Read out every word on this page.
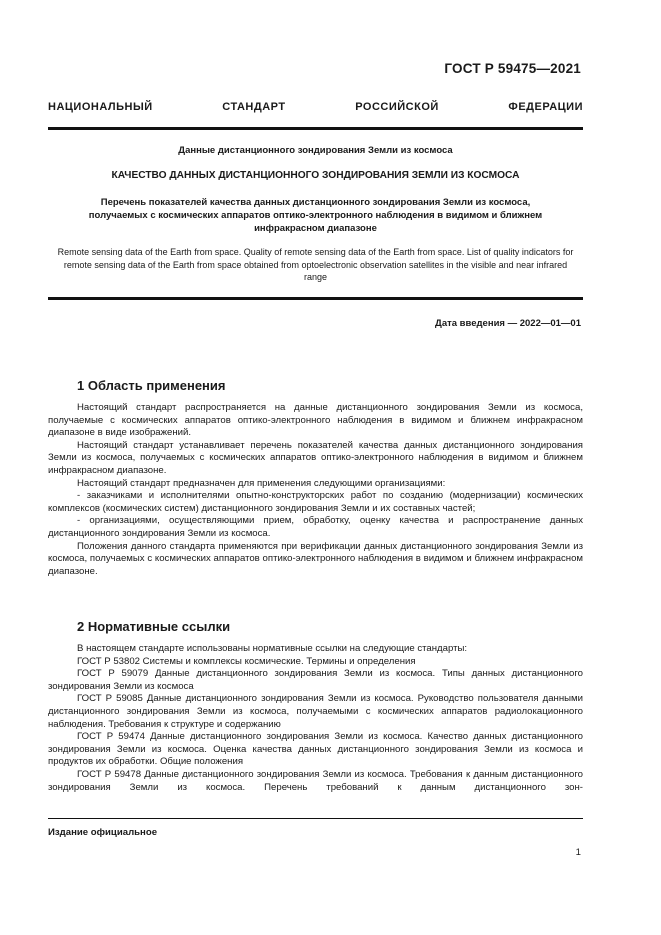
ГОСТ Р 59475—2021
НАЦИОНАЛЬНЫЙ СТАНДАРТ РОССИЙСКОЙ ФЕДЕРАЦИИ
Данные дистанционного зондирования Земли из космоса
КАЧЕСТВО ДАННЫХ ДИСТАНЦИОННОГО ЗОНДИРОВАНИЯ ЗЕМЛИ ИЗ КОСМОСА
Перечень показателей качества данных дистанционного зондирования Земли из космоса, получаемых с космических аппаратов оптико-электронного наблюдения в видимом и ближнем инфракрасном диапазоне
Remote sensing data of the Earth from space. Quality of remote sensing data of the Earth from space. List of quality indicators for remote sensing data of the Earth from space obtained from optoelectronic observation satellites in the visible and near infrared range
Дата введения — 2022—01—01
1 Область применения

Настоящий стандарт распространяется на данные дистанционного зондирования Земли из космоса, получаемые с космических аппаратов оптико-электронного наблюдения в видимом и ближнем инфракрасном диапазоне в виде изображений.

Настоящий стандарт устанавливает перечень показателей качества данных дистанционного зондирования Земли из космоса, получаемых с космических аппаратов оптико-электронного наблюдения в видимом и ближнем инфракрасном диапазоне.

Настоящий стандарт предназначен для применения следующими организациями:

- заказчиками и исполнителями опытно-конструкторских работ по созданию (модернизации) космических комплексов (космических систем) дистанционного зондирования Земли и их составных частей;

- организациями, осуществляющими прием, обработку, оценку качества и распространение данных дистанционного зондирования Земли из космоса.

Положения данного стандарта применяются при верификации данных дистанционного зондирования Земли из космоса, получаемых с космических аппаратов оптико-электронного наблюдения в видимом и ближнем инфракрасном диапазоне.

2 Нормативные ссылки

В настоящем стандарте использованы нормативные ссылки на следующие стандарты:

ГОСТ Р 53802 Системы и комплексы космические. Термины и определения

ГОСТ Р 59079 Данные дистанционного зондирования Земли из космоса. Типы данных дистанционного зондирования Земли из космоса

ГОСТ Р 59085 Данные дистанционного зондирования Земли из космоса. Руководство пользователя данными дистанционного зондирования Земли из космоса, получаемыми с космических аппаратов радиолокационного наблюдения. Требования к структуре и содержанию

ГОСТ Р 59474 Данные дистанционного зондирования Земли из космоса. Качество данных дистанционного зондирования Земли из космоса. Оценка качества данных дистанционного зондирования Земли из космоса и продуктов их обработки. Общие положения

ГОСТ Р 59478 Данные дистанционного зондирования Земли из космоса. Требования к данным дистанционного зондирования Земли из космоса. Перечень требований к данным дистанционного зон-

Издание официальное
1
